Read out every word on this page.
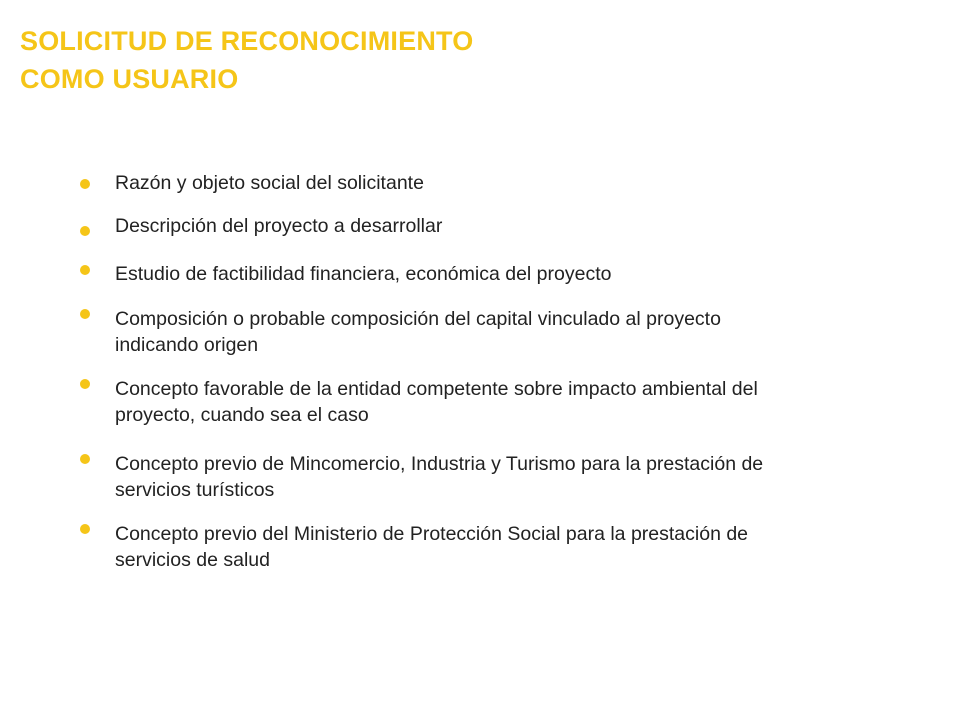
SOLICITUD DE RECONOCIMIENTO
COMO USUARIO
Razón y objeto social del solicitante
Descripción del proyecto a desarrollar
Estudio de factibilidad financiera, económica del proyecto
Composición o probable composición del capital vinculado al proyecto indicando origen
Concepto favorable de la entidad competente sobre impacto ambiental del proyecto, cuando sea el caso
Concepto previo de Mincomercio, Industria y Turismo para la prestación de servicios turísticos
Concepto previo del Ministerio de Protección Social para la prestación de servicios de salud
